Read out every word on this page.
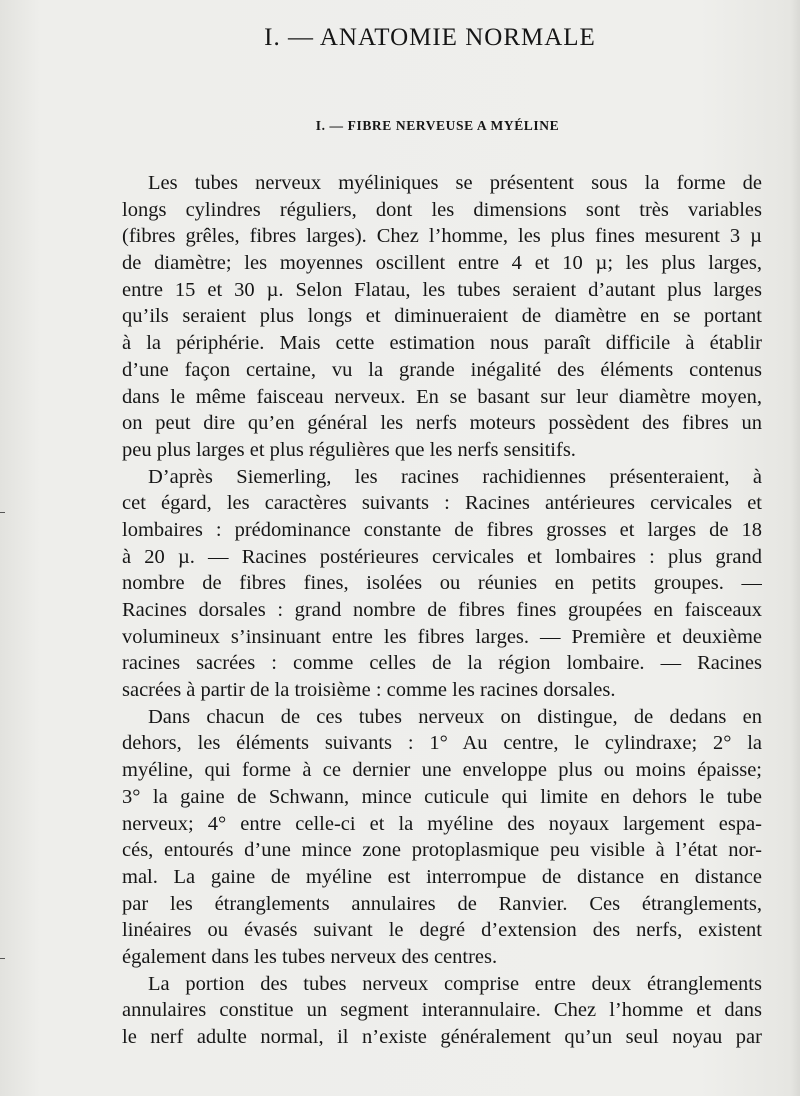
I. — ANATOMIE NORMALE
I. — FIBRE NERVEUSE A MYÉLINE
Les tubes nerveux myéliniques se présentent sous la forme de
longs cylindres réguliers, dont les dimensions sont très variables
(fibres grêles, fibres larges). Chez l’homme, les plus fines mesurent 3 µ
de diamètre; les moyennes oscillent entre 4 et 10 µ; les plus larges,
entre 15 et 30 µ. Selon Flatau, les tubes seraient d’autant plus larges
qu’ils seraient plus longs et diminueraient de diamètre en se portant
à la périphérie. Mais cette estimation nous paraît difficile à établir
d’une façon certaine, vu la grande inégalité des éléments contenus
dans le même faisceau nerveux. En se basant sur leur diamètre moyen,
on peut dire qu’en général les nerfs moteurs possèdent des fibres un
peu plus larges et plus régulières que les nerfs sensitifs.
D’après Siemerling, les racines rachidiennes présenteraient, à
cet égard, les caractères suivants : Racines antérieures cervicales et
lombaires : prédominance constante de fibres grosses et larges de 18
à 20 µ. — Racines postérieures cervicales et lombaires : plus grand
nombre de fibres fines, isolées ou réunies en petits groupes. —
Racines dorsales : grand nombre de fibres fines groupées en faisceaux
volumineux s’insinuant entre les fibres larges. — Première et deuxième
racines sacrées : comme celles de la région lombaire. — Racines
sacrées à partir de la troisième : comme les racines dorsales.
Dans chacun de ces tubes nerveux on distingue, de dedans en
dehors, les éléments suivants : 1° Au centre, le cylindraxe; 2° la
myéline, qui forme à ce dernier une enveloppe plus ou moins épaisse;
3° la gaine de Schwann, mince cuticule qui limite en dehors le tube
nerveux; 4° entre celle-ci et la myéline des noyaux largement espa-
cés, entourés d’une mince zone protoplasmique peu visible à l’état nor-
mal. La gaine de myéline est interrompue de distance en distance
par les étranglements annulaires de Ranvier. Ces étranglements,
linéaires ou évasés suivant le degré d’extension des nerfs, existent
également dans les tubes nerveux des centres.
La portion des tubes nerveux comprise entre deux étranglements
annulaires constitue un segment interannulaire. Chez l’homme et dans
le nerf adulte normal, il n’existe généralement qu’un seul noyau par
